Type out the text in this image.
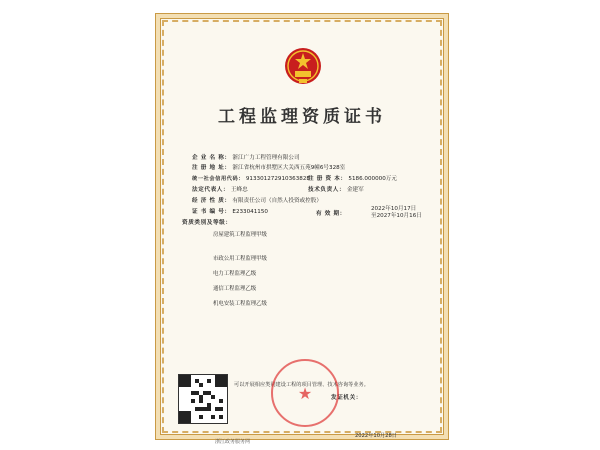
工程监理资质证书
企 业 名 称： 浙江广力工程管理有限公司
注 册 地 址： 浙江省杭州市拱墅区大关西五苑9幢6号328室
统一社会信用代码： 91330127291036382B
注 册 资 本： 5186.000000万元
法定代表人： 王峰忠	技术负责人： 金建军
经 济 性 质： 有限责任公司（自然人投资或控股）
证 书 编 号： E233041150	有 效 期：
2022年10月17日
至2027年10月16日
资质类别及等级：
房屋建筑工程监理甲级
市政公用工程监理甲级
电力工程监理乙级
通信工程监理乙级
机电安装工程监理乙级
可以开展相应类别建设工程的项目管理、技术咨询等业务。
发证机关：
★
浙江政务服务网
2022年10月28日
